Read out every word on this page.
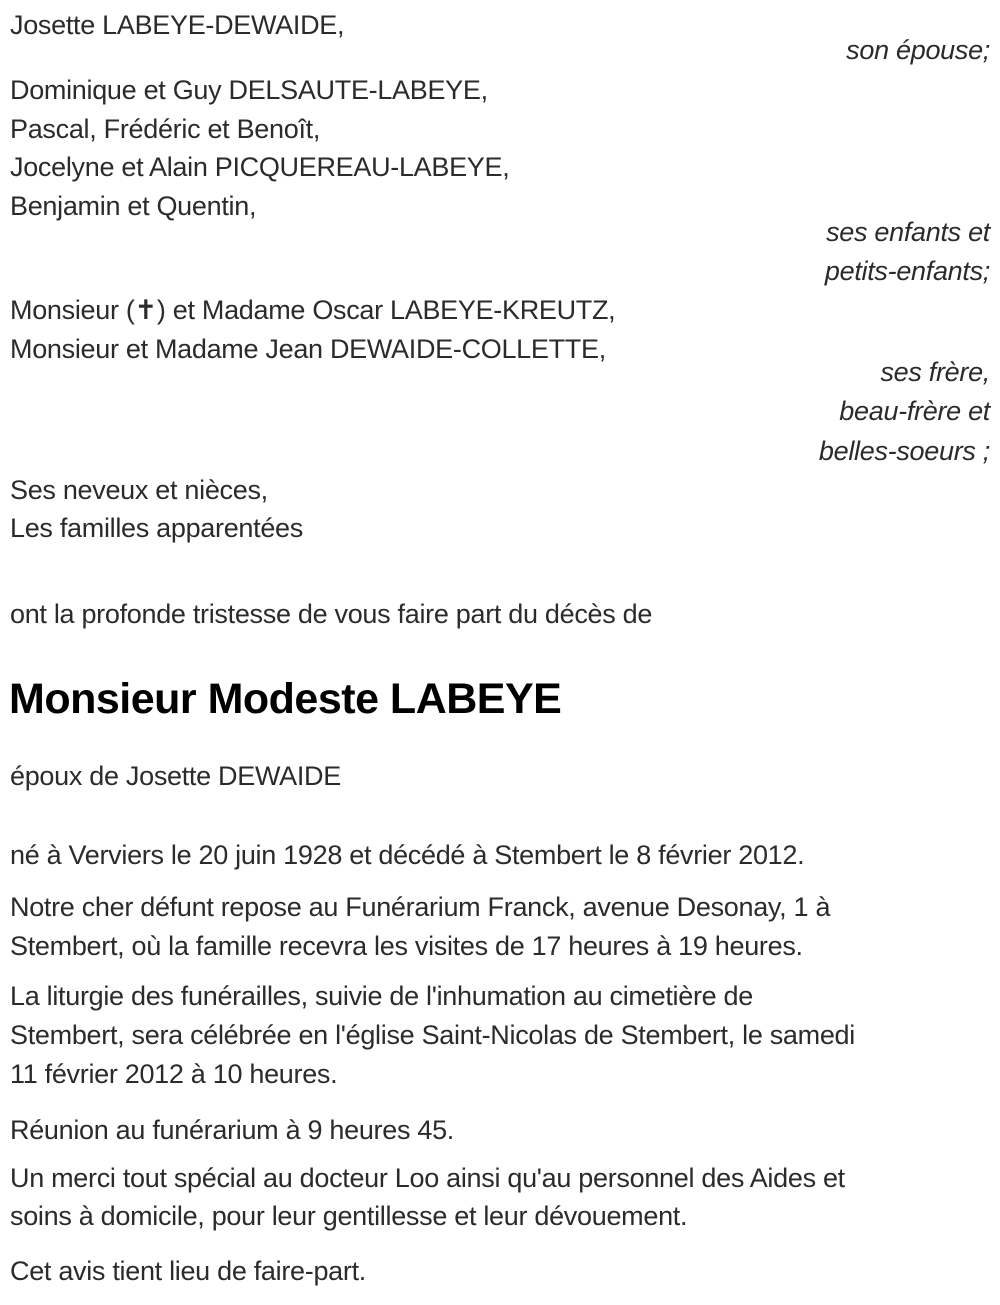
Josette LABEYE-DEWAIDE,
son épouse;
Dominique et Guy DELSAUTE-LABEYE,
Pascal, Frédéric et Benoît,
Jocelyne et Alain PICQUEREAU-LABEYE,
Benjamin et Quentin,
ses enfants et
petits-enfants;
Monsieur (✝) et Madame Oscar LABEYE-KREUTZ,
Monsieur et Madame Jean DEWAIDE-COLLETTE,
ses frère,
beau-frère et
belles-soeurs ;
Ses neveux et nièces,
Les familles apparentées
ont la profonde tristesse de vous faire part du décès de
Monsieur Modeste LABEYE
époux de Josette DEWAIDE
né à Verviers le 20 juin 1928 et décédé à Stembert le 8 février 2012.
Notre cher défunt repose au Funérarium Franck, avenue Desonay, 1 à
Stembert, où la famille recevra les visites de 17 heures à 19 heures.
La liturgie des funérailles, suivie de l'inhumation au cimetière de
Stembert, sera célébrée en l'église Saint-Nicolas de Stembert, le samedi
11 février 2012 à 10 heures.
Réunion au funérarium à 9 heures 45.
Un merci tout spécial au docteur Loo ainsi qu'au personnel des Aides et
soins à domicile, pour leur gentillesse et leur dévouement.
Cet avis tient lieu de faire-part.
